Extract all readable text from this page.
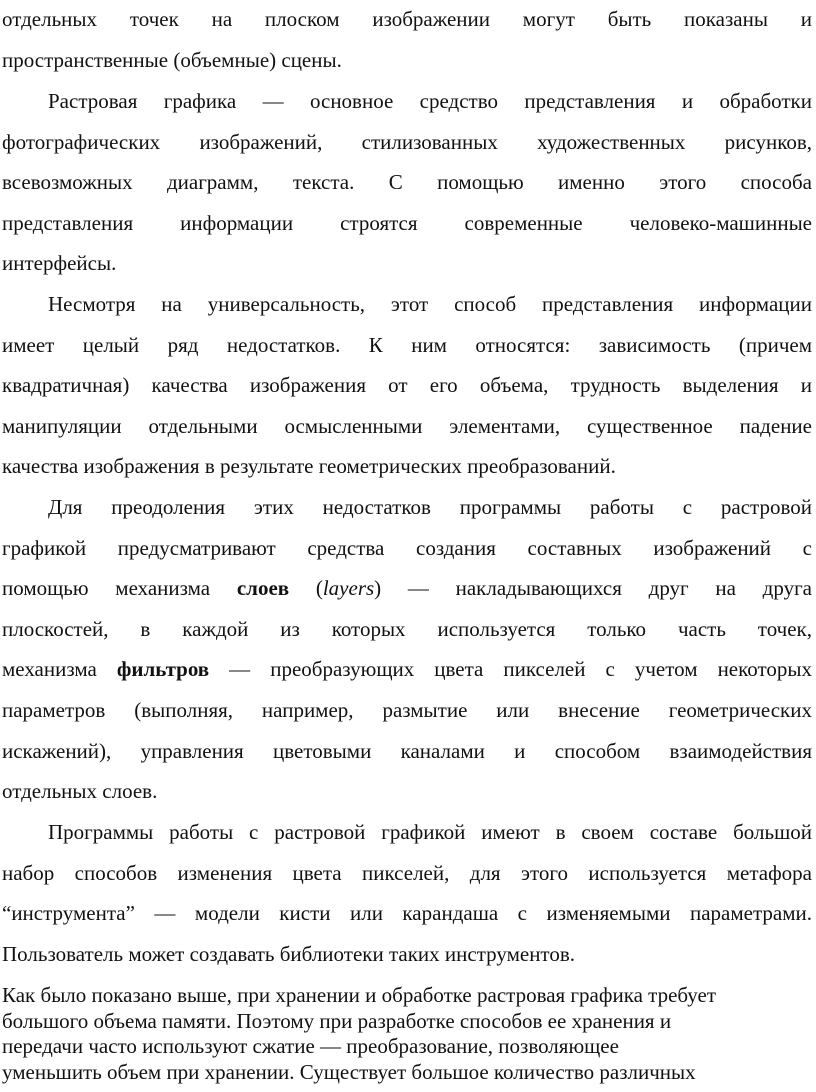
отдельных точек на плоском изображении могут быть показаны и
пространственные (объемные) сцены.

Растровая графика — основное средство представления и обработки
фотографических изображений, стилизованных художественных рисунков,
всевозможных диаграмм, текста. С помощью именно этого способа
представления информации строятся современные человеко-машинные
интерфейсы.

Несмотря на универсальность, этот способ представления информации
имеет целый ряд недостатков. К ним относятся: зависимость (причем
квадратичная) качества изображения от его объема, трудность выделения и
манипуляции отдельными осмысленными элементами, существенное падение
качества изображения в результате геометрических преобразований.

Для преодоления этих недостатков программы работы с растровой
графикой предусматривают средства создания составных изображений с
помощью механизма слоев (layers) — накладывающихся друг на друга
плоскостей, в каждой из которых используется только часть точек,
механизма фильтров — преобразующих цвета пикселей с учетом некоторых
параметров (выполняя, например, размытие или внесение геометрических
искажений), управления цветовыми каналами и способом взаимодействия
отдельных слоев.

Программы работы с растровой графикой имеют в своем составе большой
набор способов изменения цвета пикселей, для этого используется метафора
“инструмента” — модели кисти или карандаша с изменяемыми параметрами.
Пользователь может создавать библиотеки таких инструментов.

Как было показано выше, при хранении и обработке растровая графика требует
большого объема памяти. Поэтому при разработке способов ее хранения и
передачи часто используют сжатие — преобразование, позволяющее
уменьшить объем при хранении. Существует большое количество различных
